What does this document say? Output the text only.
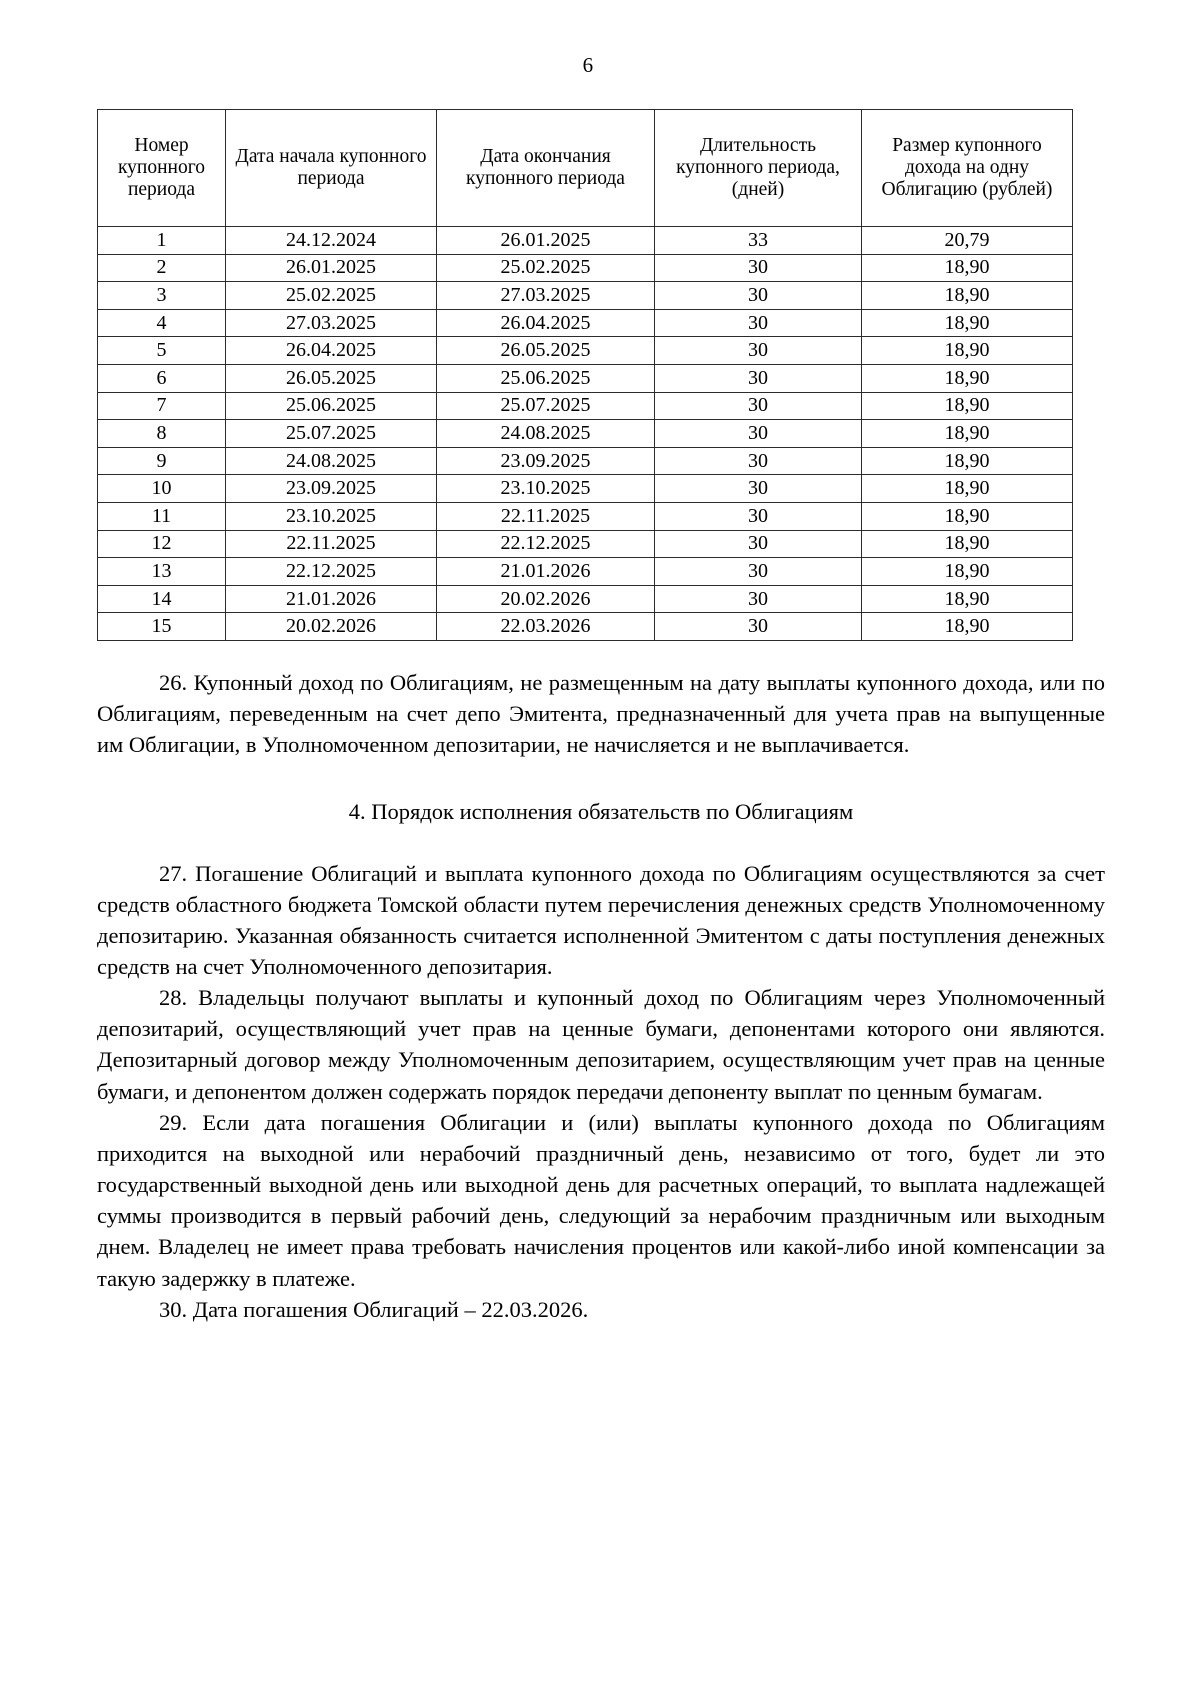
6
Номер купонного периода	Дата начала купонного периода	Дата окончания купонного периода	Длительность купонного периода, (дней)	Размер купонного дохода на одну Облигацию (рублей)
1	24.12.2024	26.01.2025	33	20,79
2	26.01.2025	25.02.2025	30	18,90
3	25.02.2025	27.03.2025	30	18,90
4	27.03.2025	26.04.2025	30	18,90
5	26.04.2025	26.05.2025	30	18,90
6	26.05.2025	25.06.2025	30	18,90
7	25.06.2025	25.07.2025	30	18,90
8	25.07.2025	24.08.2025	30	18,90
9	24.08.2025	23.09.2025	30	18,90
10	23.09.2025	23.10.2025	30	18,90
11	23.10.2025	22.11.2025	30	18,90
12	22.11.2025	22.12.2025	30	18,90
13	22.12.2025	21.01.2026	30	18,90
14	21.01.2026	20.02.2026	30	18,90
15	20.02.2026	22.03.2026	30	18,90

26. Купонный доход по Облигациям, не размещенным на дату выплаты купонного дохода, или по Облигациям, переведенным на счет депо Эмитента, предназначенный для учета прав на выпущенные им Облигации, в Уполномоченном депозитарии, не начисляется и не выплачивается.

4. Порядок исполнения обязательств по Облигациям

27. Погашение Облигаций и выплата купонного дохода по Облигациям осуществляются за счет средств областного бюджета Томской области путем перечисления денежных средств Уполномоченному депозитарию. Указанная обязанность считается исполненной Эмитентом с даты поступления денежных средств на счет Уполномоченного депозитария.

28. Владельцы получают выплаты и купонный доход по Облигациям через Уполномоченный депозитарий, осуществляющий учет прав на ценные бумаги, депонентами которого они являются. Депозитарный договор между Уполномоченным депозитарием, осуществляющим учет прав на ценные бумаги, и депонентом должен содержать порядок передачи депоненту выплат по ценным бумагам.

29. Если дата погашения Облигации и (или) выплаты купонного дохода по Облигациям приходится на выходной или нерабочий праздничный день, независимо от того, будет ли это государственный выходной день или выходной день для расчетных операций, то выплата надлежащей суммы производится в первый рабочий день, следующий за нерабочим праздничным или выходным днем. Владелец не имеет права требовать начисления процентов или какой-либо иной компенсации за такую задержку в платеже.

30. Дата погашения Облигаций – 22.03.2026.
